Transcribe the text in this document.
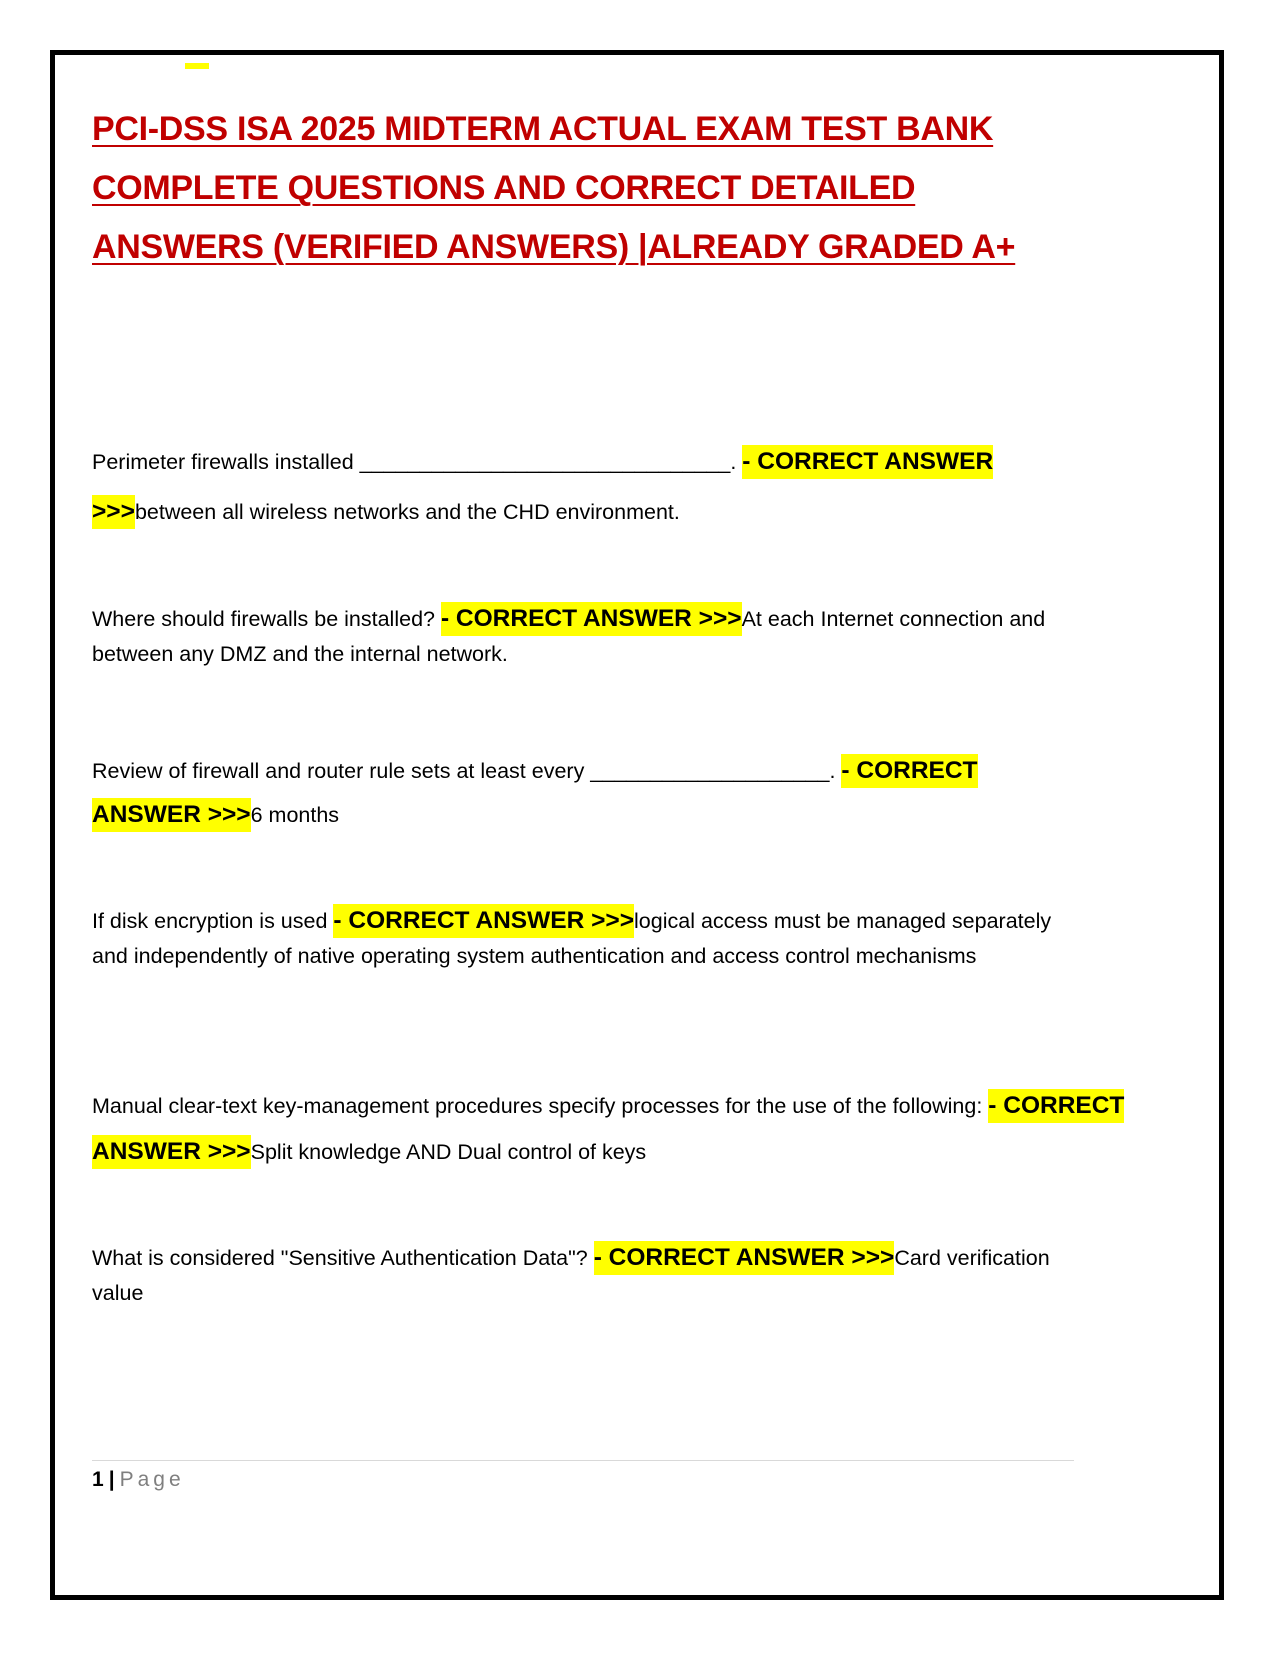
PCI-DSS ISA 2025 MIDTERM ACTUAL EXAM TEST BANK COMPLETE QUESTIONS AND CORRECT DETAILED ANSWERS (VERIFIED ANSWERS) |ALREADY GRADED A+

Perimeter firewalls installed _______________________________. - CORRECT ANSWER >>>between all wireless networks and the CHD environment.

Where should firewalls be installed? - CORRECT ANSWER >>>At each Internet connection and between any DMZ and the internal network.

Review of firewall and router rule sets at least every ____________________. - CORRECT ANSWER >>>6 months

If disk encryption is used - CORRECT ANSWER >>>logical access must be managed separately and independently of native operating system authentication and access control mechanisms

Manual clear-text key-management procedures specify processes for the use of the following: - CORRECT ANSWER >>>Split knowledge AND Dual control of keys

What is considered "Sensitive Authentication Data"? - CORRECT ANSWER >>>Card verification value

1 | Page
